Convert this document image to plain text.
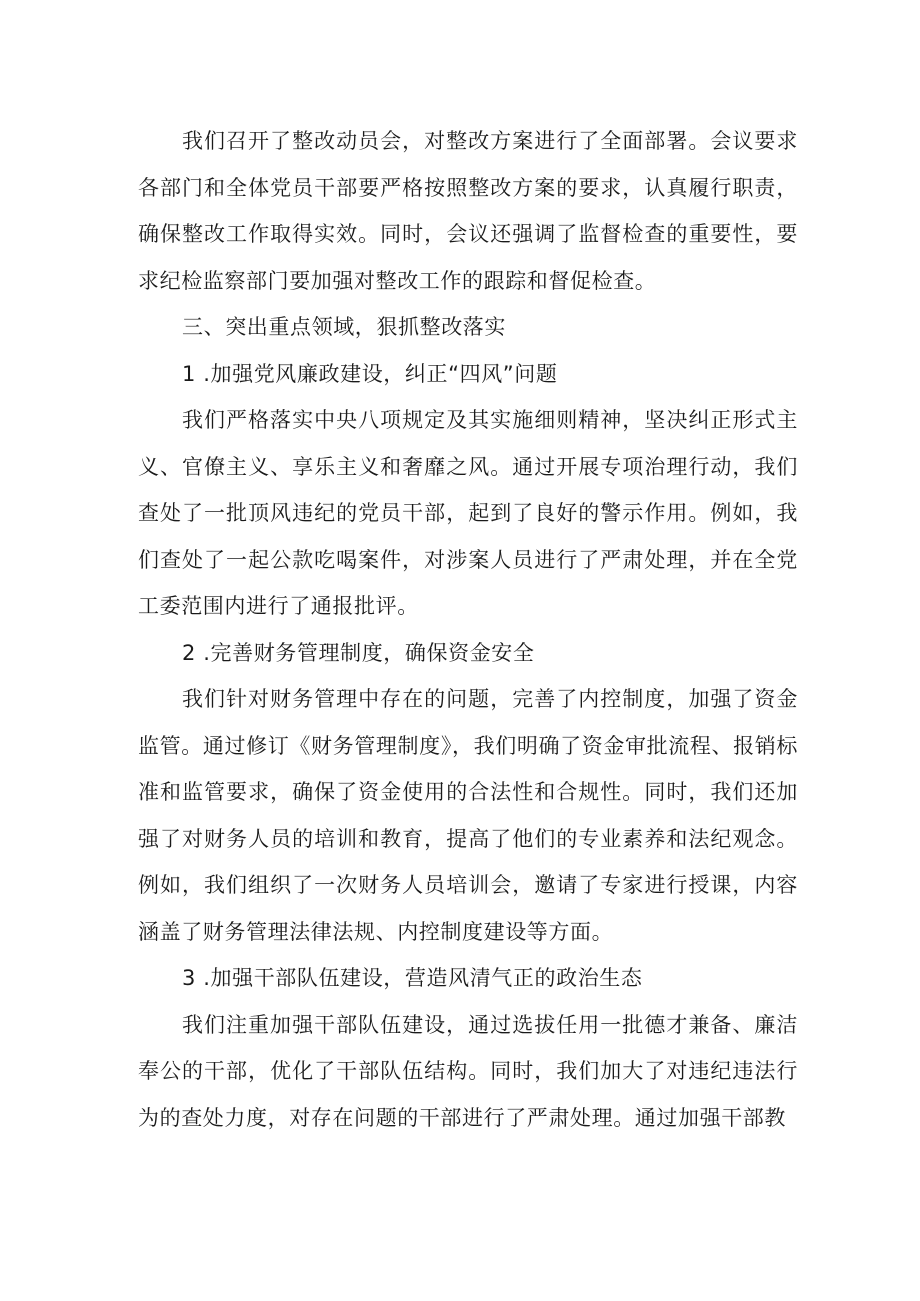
我们召开了整改动员会，对整改方案进行了全面部署。会议要求各部门和全体党员干部要严格按照整改方案的要求，认真履行职责，确保整改工作取得实效。同时，会议还强调了监督检查的重要性，要求纪检监察部门要加强对整改工作的跟踪和督促检查。

三、突出重点领域，狠抓整改落实

1 .加强党风廉政建设，纠正“四风”问题

我们严格落实中央八项规定及其实施细则精神，坚决纠正形式主义、官僚主义、享乐主义和奢靡之风。通过开展专项治理行动，我们查处了一批顶风违纪的党员干部，起到了良好的警示作用。例如，我们查处了一起公款吃喝案件，对涉案人员进行了严肃处理，并在全党工委范围内进行了通报批评。

2 .完善财务管理制度，确保资金安全

我们针对财务管理中存在的问题，完善了内控制度，加强了资金监管。通过修订《财务管理制度》，我们明确了资金审批流程、报销标准和监管要求，确保了资金使用的合法性和合规性。同时，我们还加强了对财务人员的培训和教育，提高了他们的专业素养和法纪观念。例如，我们组织了一次财务人员培训会，邀请了专家进行授课，内容涵盖了财务管理法律法规、内控制度建设等方面。

3 .加强干部队伍建设，营造风清气正的政治生态

我们注重加强干部队伍建设，通过选拔任用一批德才兼备、廉洁奉公的干部，优化了干部队伍结构。同时，我们加大了对违纪违法行为的查处力度，对存在问题的干部进行了严肃处理。通过加强干部教
